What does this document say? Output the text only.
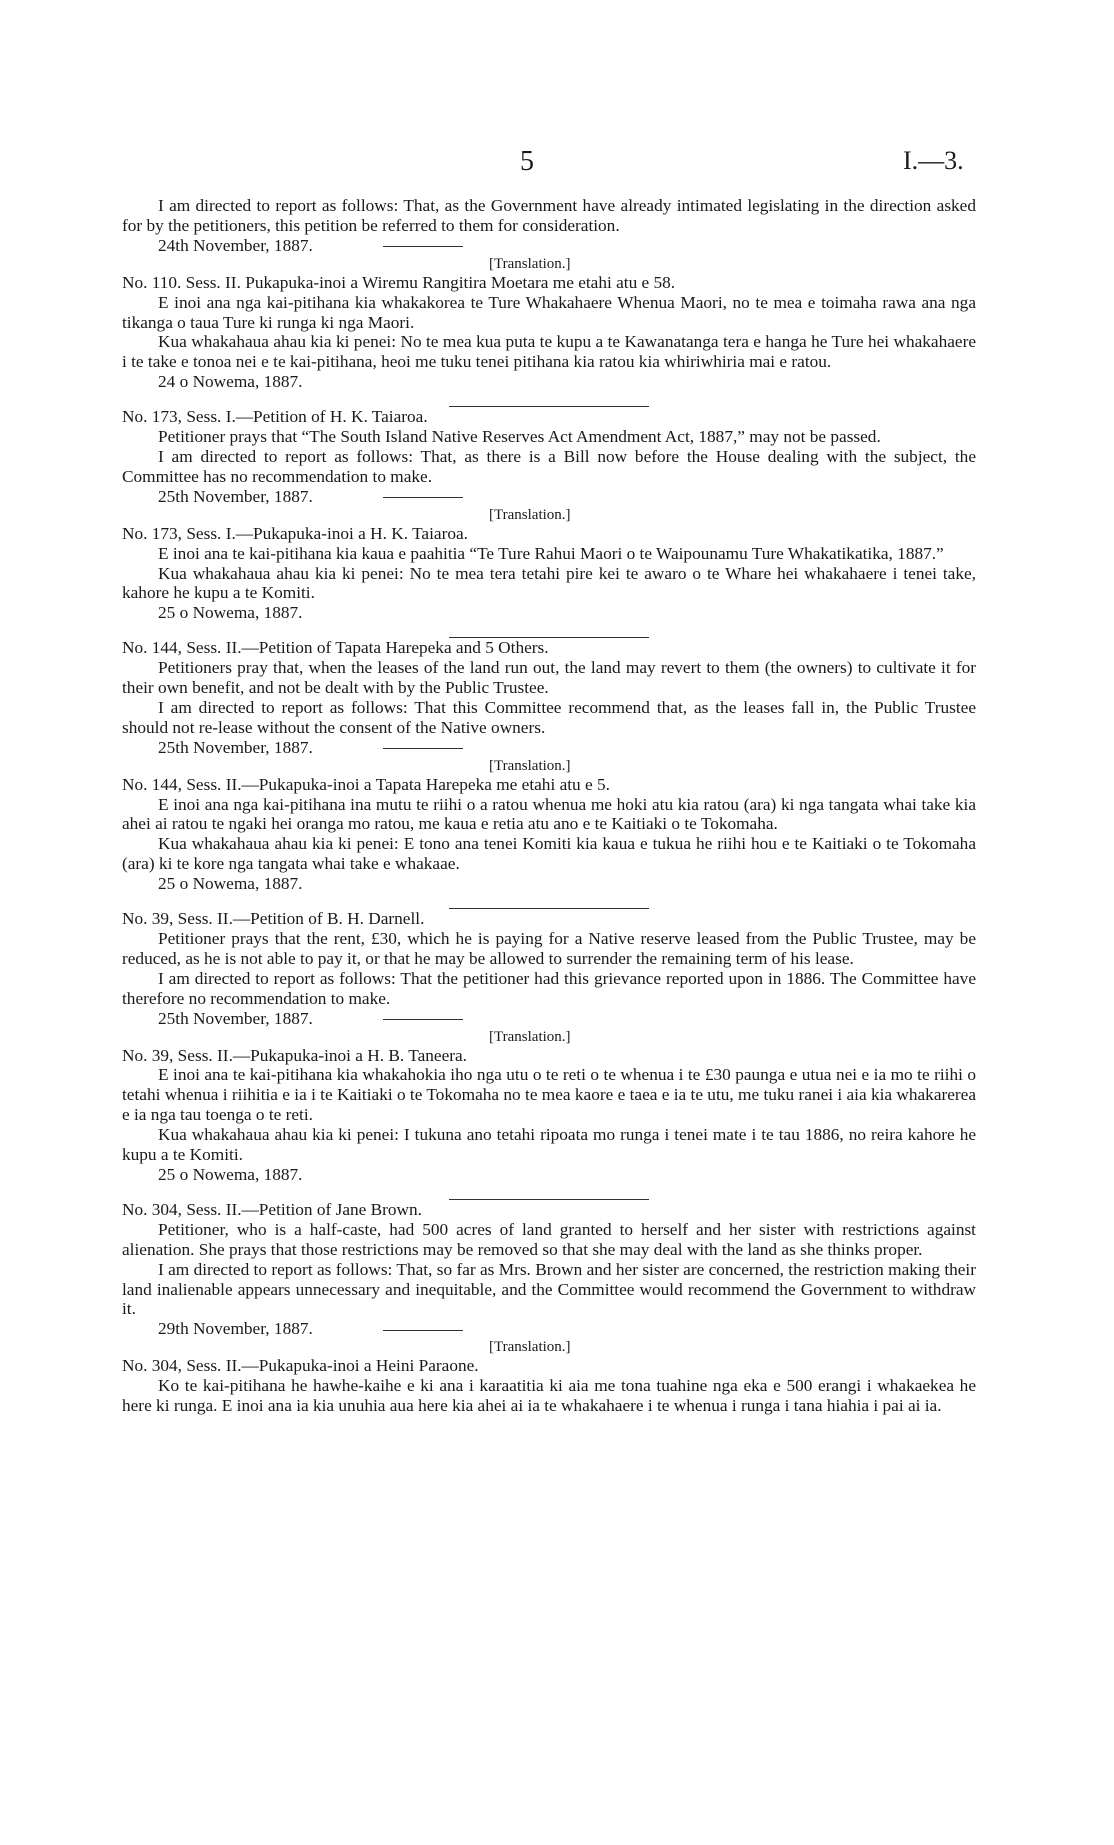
5	I.—3.

I am directed to report as follows: That, as the Government have already intimated legislating in the direction asked for by the petitioners, this petition be referred to them for consideration.

24th November, 1887.

[Translation.]

No. 110. Sess. II. Pukapuka-inoi a Wiremu Rangitira Moetara me etahi atu e 58.

E inoi ana nga kai-pitihana kia whakakorea te Ture Whakahaere Whenua Maori, no te mea e toimaha rawa ana nga tikanga o taua Ture ki runga ki nga Maori.

Kua whakahaua ahau kia ki penei: No te mea kua puta te kupu a te Kawanatanga tera e hanga he Ture hei whakahaere i te take e tonoa nei e te kai-pitihana, heoi me tuku tenei pitihana kia ratou kia whiriwhiria mai e ratou.

24 o Nowema, 1887.

No. 173, Sess. I.—Petition of H. K. Taiaroa.

Petitioner prays that “The South Island Native Reserves Act Amendment Act, 1887,” may not be passed.

I am directed to report as follows: That, as there is a Bill now before the House dealing with the subject, the Committee has no recommendation to make.

25th November, 1887.

[Translation.]

No. 173, Sess. I.—Pukapuka-inoi a H. K. Taiaroa.

E inoi ana te kai-pitihana kia kaua e paahitia “Te Ture Rahui Maori o te Waipounamu Ture Whakatikatika, 1887.”

Kua whakahaua ahau kia ki penei: No te mea tera tetahi pire kei te awaro o te Whare hei whakahaere i tenei take, kahore he kupu a te Komiti.

25 o Nowema, 1887.

No. 144, Sess. II.—Petition of Tapata Harepeka and 5 Others.

Petitioners pray that, when the leases of the land run out, the land may revert to them (the owners) to cultivate it for their own benefit, and not be dealt with by the Public Trustee.

I am directed to report as follows: That this Committee recommend that, as the leases fall in, the Public Trustee should not re-lease without the consent of the Native owners.

25th November, 1887.

[Translation.]

No. 144, Sess. II.—Pukapuka-inoi a Tapata Harepeka me etahi atu e 5.

E inoi ana nga kai-pitihana ina mutu te riihi o a ratou whenua me hoki atu kia ratou (ara) ki nga tangata whai take kia ahei ai ratou te ngaki hei oranga mo ratou, me kaua e retia atu ano e te Kaitiaki o te Tokomaha.

Kua whakahaua ahau kia ki penei: E tono ana tenei Komiti kia kaua e tukua he riihi hou e te Kaitiaki o te Tokomaha (ara) ki te kore nga tangata whai take e whakaae.

25 o Nowema, 1887.

No. 39, Sess. II.—Petition of B. H. Darnell.

Petitioner prays that the rent, £30, which he is paying for a Native reserve leased from the Public Trustee, may be reduced, as he is not able to pay it, or that he may be allowed to surrender the remaining term of his lease.

I am directed to report as follows: That the petitioner had this grievance reported upon in 1886. The Committee have therefore no recommendation to make.

25th November, 1887.

[Translation.]

No. 39, Sess. II.—Pukapuka-inoi a H. B. Taneera.

E inoi ana te kai-pitihana kia whakahokia iho nga utu o te reti o te whenua i te £30 paunga e utua nei e ia mo te riihi o tetahi whenua i riihitia e ia i te Kaitiaki o te Tokomaha no te mea kaore e taea e ia te utu, me tuku ranei i aia kia whakarerea e ia nga tau toenga o te reti.

Kua whakahaua ahau kia ki penei: I tukuna ano tetahi ripoata mo runga i tenei mate i te tau 1886, no reira kahore he kupu a te Komiti.

25 o Nowema, 1887.

No. 304, Sess. II.—Petition of Jane Brown.

Petitioner, who is a half-caste, had 500 acres of land granted to herself and her sister with restrictions against alienation. She prays that those restrictions may be removed so that she may deal with the land as she thinks proper.

I am directed to report as follows: That, so far as Mrs. Brown and her sister are concerned, the restriction making their land inalienable appears unnecessary and inequitable, and the Committee would recommend the Government to withdraw it.

29th November, 1887.

[Translation.]

No. 304, Sess. II.—Pukapuka-inoi a Heini Paraone.

Ko te kai-pitihana he hawhe-kaihe e ki ana i karaatitia ki aia me tona tuahine nga eka e 500 erangi i whakaekea he here ki runga. E inoi ana ia kia unuhia aua here kia ahei ai ia te whakahaere i te whenua i runga i tana hiahia i pai ai ia.
